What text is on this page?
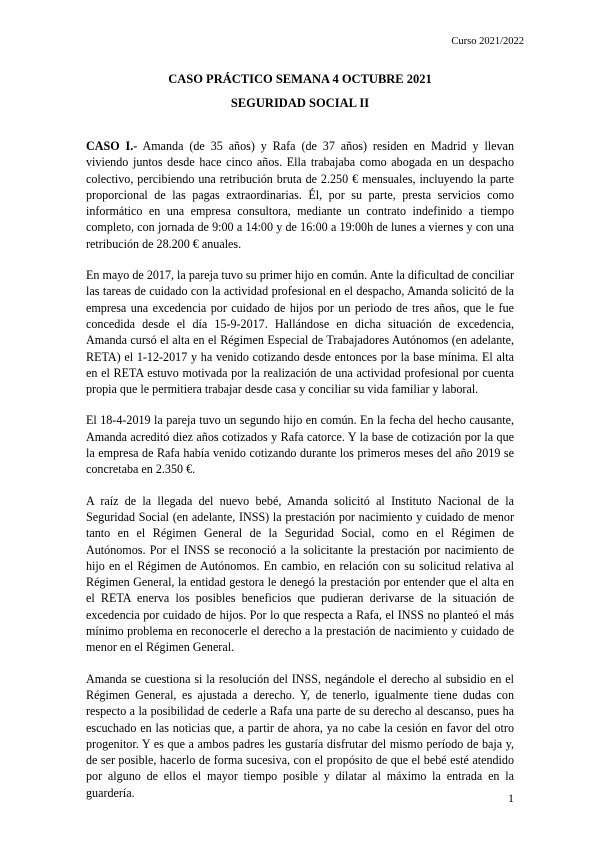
Curso 2021/2022
CASO PRÁCTICO SEMANA 4 OCTUBRE 2021
SEGURIDAD SOCIAL II

CASO I.- Amanda (de 35 años) y Rafa (de 37 años) residen en Madrid y llevan viviendo juntos desde hace cinco años. Ella trabajaba como abogada en un despacho colectivo, percibiendo una retribución bruta de 2.250 € mensuales, incluyendo la parte proporcional de las pagas extraordinarias. Él, por su parte, presta servicios como informático en una empresa consultora, mediante un contrato indefinido a tiempo completo, con jornada de 9:00 a 14:00 y de 16:00 a 19:00h de lunes a viernes y con una retribución de 28.200 € anuales.

En mayo de 2017, la pareja tuvo su primer hijo en común. Ante la dificultad de conciliar las tareas de cuidado con la actividad profesional en el despacho, Amanda solicitó de la empresa una excedencia por cuidado de hijos por un periodo de tres años, que le fue concedida desde el día 15-9-2017. Hallándose en dicha situación de excedencia, Amanda cursó el alta en el Régimen Especial de Trabajadores Autónomos (en adelante, RETA) el 1-12-2017 y ha venido cotizando desde entonces por la base mínima. El alta en el RETA estuvo motivada por la realización de una actividad profesional por cuenta propia que le permitiera trabajar desde casa y conciliar su vida familiar y laboral.

El 18-4-2019 la pareja tuvo un segundo hijo en común. En la fecha del hecho causante, Amanda acreditó diez años cotizados y Rafa catorce. Y la base de cotización por la que la empresa de Rafa había venido cotizando durante los primeros meses del año 2019 se concretaba en 2.350 €.

A raíz de la llegada del nuevo bebé, Amanda solicitó al Instituto Nacional de la Seguridad Social (en adelante, INSS) la prestación por nacimiento y cuidado de menor tanto en el Régimen General de la Seguridad Social, como en el Régimen de Autónomos. Por el INSS se reconoció a la solicitante la prestación por nacimiento de hijo en el Régimen de Autónomos. En cambio, en relación con su solicitud relativa al Régimen General, la entidad gestora le denegó la prestación por entender que el alta en el RETA enerva los posibles beneficios que pudieran derivarse de la situación de excedencia por cuidado de hijos. Por lo que respecta a Rafa, el INSS no planteó el más mínimo problema en reconocerle el derecho a la prestación de nacimiento y cuidado de menor en el Régimen General.

Amanda se cuestiona si la resolución del INSS, negándole el derecho al subsidio en el Régimen General, es ajustada a derecho. Y, de tenerlo, igualmente tiene dudas con respecto a la posibilidad de cederle a Rafa una parte de su derecho al descanso, pues ha escuchado en las noticias que, a partir de ahora, ya no cabe la cesión en favor del otro progenitor. Y es que a ambos padres les gustaría disfrutar del mismo período de baja y, de ser posible, hacerlo de forma sucesiva, con el propósito de que el bebé esté atendido por alguno de ellos el mayor tiempo posible y dilatar al máximo la entrada en la guardería.	1
